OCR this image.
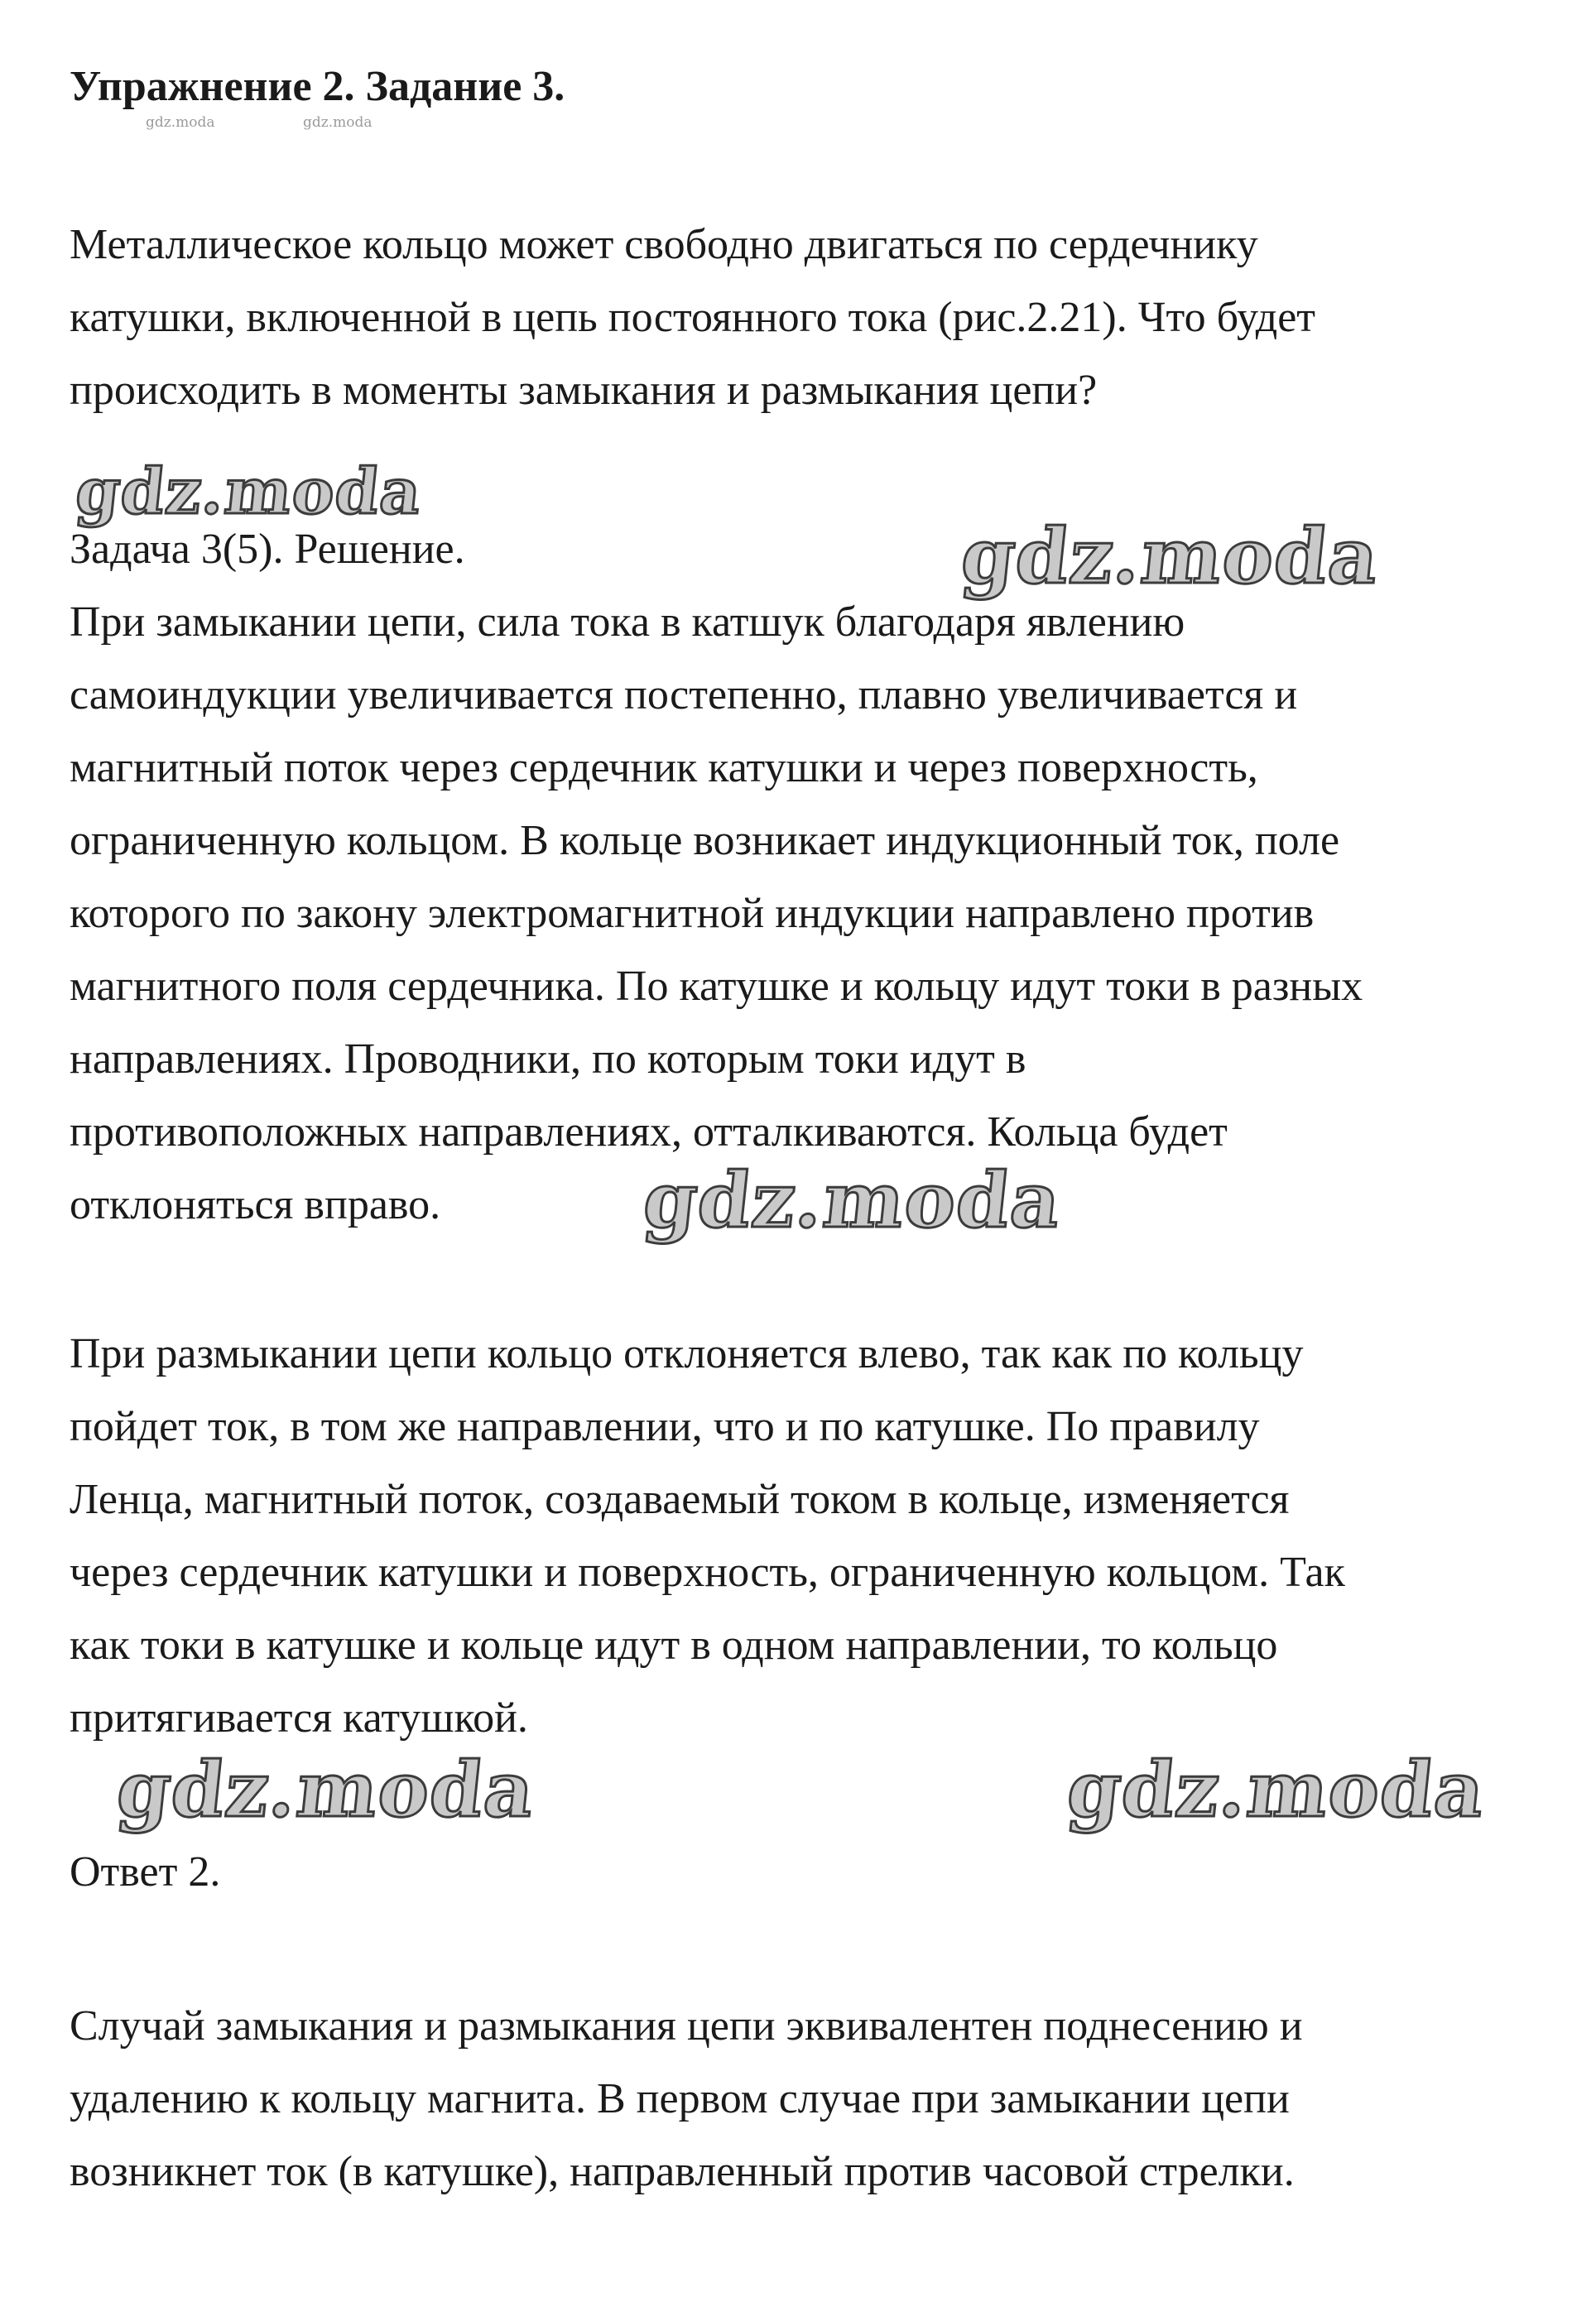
Упражнение 2. Задание 3.
gdz.moda	gdz.moda
Металлическое кольцо может свободно двигаться по сердечнику
катушки, включенной в цепь постоянного тока (рис.2.21). Что будет
происходить в моменты замыкания и размыкания цепи?
gdz.moda
Задача 3(5). Решение.	gdz.moda
При замыкании цепи, сила тока в катшук благодаря явлению
самоиндукции увеличивается постепенно, плавно увеличивается и
магнитный поток через сердечник катушки и через поверхность,
ограниченную кольцом. В кольце возникает индукционный ток, поле
которого по закону электромагнитной индукции направлено против
магнитного поля сердечника. По катушке и кольцу идут токи в разных
направлениях. Проводники, по которым токи идут в
противоположных направлениях, отталкиваются. Кольца будет
отклоняться вправо.	gdz.moda
При размыкании цепи кольцо отклоняется влево, так как по кольцу
пойдет ток, в том же направлении, что и по катушке. По правилу
Ленца, магнитный поток, создаваемый током в кольце, изменяется
через сердечник катушки и поверхность, ограниченную кольцом. Так
как токи в катушке и кольце идут в одном направлении, то кольцо
притягивается катушкой.
gdz.moda	gdz.moda
Ответ 2.
Случай замыкания и размыкания цепи эквивалентен поднесению и
удалению к кольцу магнита. В первом случае при замыкании цепи
возникнет ток (в катушке), направленный против часовой стрелки.
